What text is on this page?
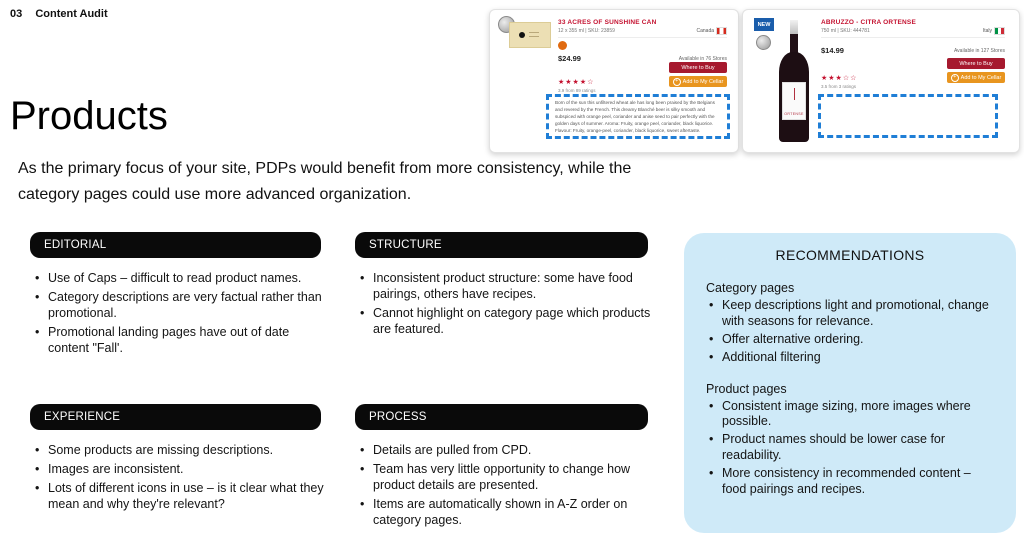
03 Content Audit
Products

As the primary focus of your site, PDPs would benefit from more consistency, while the category pages could use more advanced organization.

33 ACRES OF SUNSHINE CAN
12 x 355 ml | SKU: 23859	Canada
$24.99	Available in 76 Stores
Where to Buy
+ Add to My Cellar
★★★★☆
3.9 from 89 ratings
Born of the sun this unfiltered wheat ale has long been praised by the Belgians and revered by the French. This dreamy Blanché beer is silky smooth and subspiced with orange peel, coriander and anise seed to pair perfectly with the golden days of summer. Aroma: Fruity, orange peel, coriander, black liquorice. Flavour: Fruity, orange-peel, coriander, black liquorice, sweet aftertaste.
NEW
ORTENSE
ABRUZZO - CITRA ORTENSE
750 ml | SKU: 444781	Italy
$14.99	Available in 127 Stores
Where to Buy
+ Add to My Cellar
★★★☆☆
3.5 from 3 ratings
EDITORIAL	STRUCTURE
EXPERIENCE	PROCESS
• Use of Caps – difficult to read product names.
• Category descriptions are very factual rather than promotional.
• Promotional landing pages have out of date content "Fall'.
• Inconsistent product structure: some have food pairings, others have recipes.
• Cannot highlight on category page which products are featured.
• Some products are missing descriptions.
• Images are inconsistent.
• Lots of different icons in use – is it clear what they mean and why they're relevant?
• Details are pulled from CPD.
• Team has very little opportunity to change how product details are presented.
• Items are automatically shown in A-Z order on category pages.
RECOMMENDATIONS

Category pages

• Keep descriptions light and promotional, change with seasons for relevance.
• Offer alternative ordering.
• Additional filtering

Product pages

• Consistent image sizing, more images where possible.
• Product names should be lower case for readability.
• More consistency in recommended content – food pairings and recipes.
